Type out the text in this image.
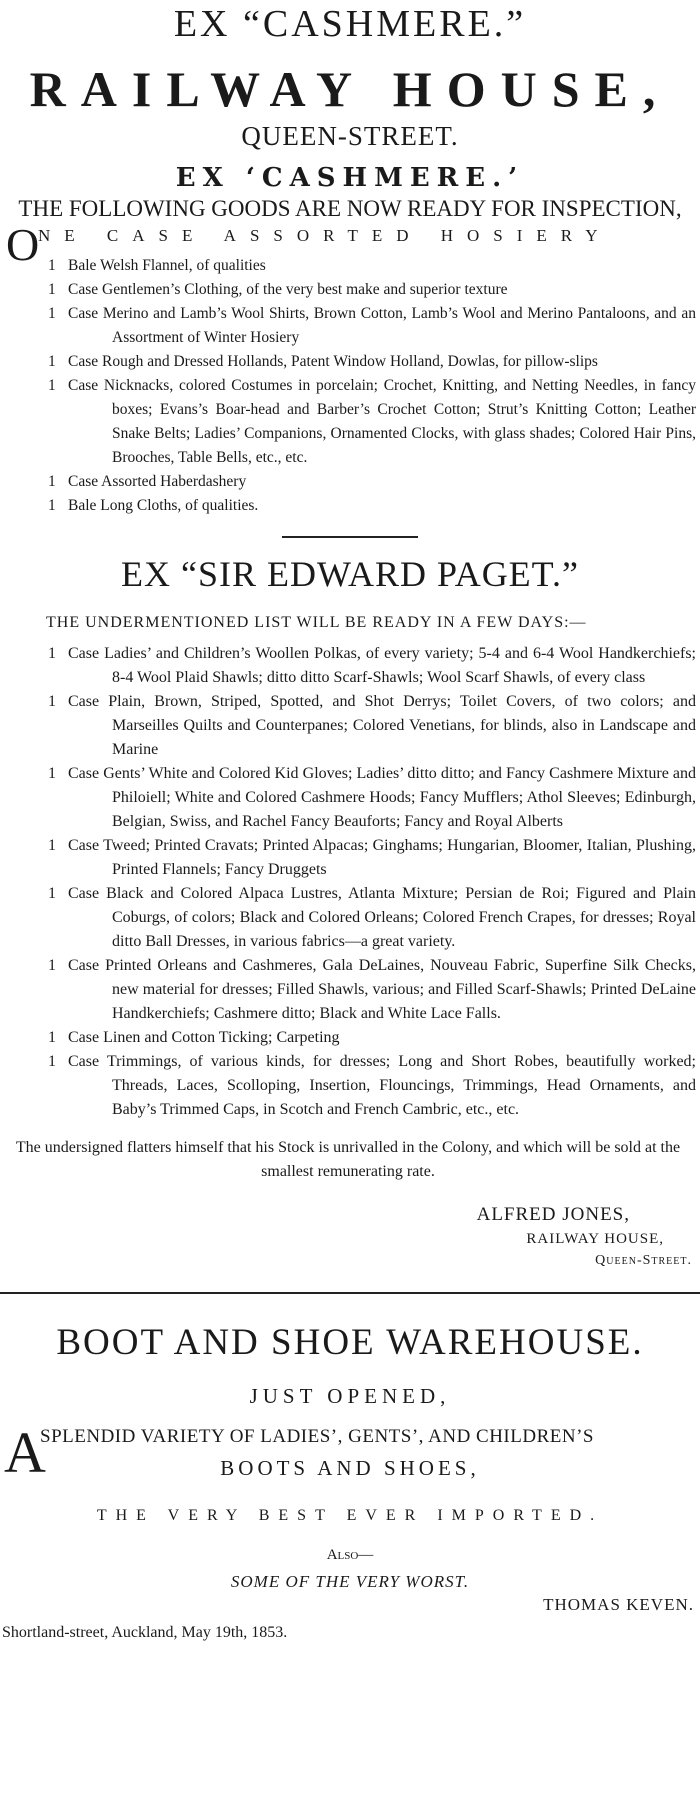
EX “CASHMERE.”
RAILWAY HOUSE,
QUEEN-STREET.
EX ‘CASHMERE.’
THE FOLLOWING GOODS ARE NOW READY FOR INSPECTION,
O
NE CASE ASSORTED HOSIERY
1 Bale Welsh Flannel, of qualities
1 Case Gentlemen’s Clothing, of the very best make and superior texture
1 Case Merino and Lamb’s Wool Shirts, Brown Cotton, Lamb’s Wool and Merino Pantaloons, and an Assortment of Winter Hosiery
1 Case Rough and Dressed Hollands, Patent Window Holland, Dowlas, for pillow-slips
1 Case Nicknacks, colored Costumes in porcelain; Crochet, Knitting, and Netting Needles, in fancy boxes; Evans’s Boar-head and Barber’s Crochet Cotton; Strut’s Knitting Cotton; Leather Snake Belts; Ladies’ Companions, Ornamented Clocks, with glass shades; Colored Hair Pins, Brooches, Table Bells, etc., etc.
1 Case Assorted Haberdashery
1 Bale Long Cloths, of qualities.
EX “SIR EDWARD PAGET.”
THE UNDERMENTIONED LIST WILL BE READY IN A FEW DAYS:—
1 Case Ladies’ and Children’s Woollen Polkas, of every variety; 5-4 and 6-4 Wool Handkerchiefs; 8-4 Wool Plaid Shawls; ditto ditto Scarf-Shawls; Wool Scarf Shawls, of every class
1 Case Plain, Brown, Striped, Spotted, and Shot Derrys; Toilet Covers, of two colors; and Marseilles Quilts and Counterpanes; Colored Venetians, for blinds, also in Landscape and Marine
1 Case Gents’ White and Colored Kid Gloves; Ladies’ ditto ditto; and Fancy Cashmere Mixture and Philoiell; White and Colored Cashmere Hoods; Fancy Mufflers; Athol Sleeves; Edinburgh, Belgian, Swiss, and Rachel Fancy Beauforts; Fancy and Royal Alberts
1 Case Tweed; Printed Cravats; Printed Alpacas; Ginghams; Hungarian, Bloomer, Italian, Plushing, Printed Flannels; Fancy Druggets
1 Case Black and Colored Alpaca Lustres, Atlanta Mixture; Persian de Roi; Figured and Plain Coburgs, of colors; Black and Colored Orleans; Colored French Crapes, for dresses; Royal ditto Ball Dresses, in various fabrics—a great variety.
1 Case Printed Orleans and Cashmeres, Gala DeLaines, Nouveau Fabric, Superfine Silk Checks, new material for dresses; Filled Shawls, various; and Filled Scarf-Shawls; Printed DeLaine Handkerchiefs; Cashmere ditto; Black and White Lace Falls.
1 Case Linen and Cotton Ticking; Carpeting
1 Case Trimmings, of various kinds, for dresses; Long and Short Robes, beautifully worked; Threads, Laces, Scolloping, Insertion, Flouncings, Trimmings, Head Ornaments, and Baby’s Trimmed Caps, in Scotch and French Cambric, etc., etc.
The undersigned flatters himself that his Stock is unrivalled in the Colony, and which will be sold at the smallest remunerating rate.
ALFRED JONES,
RAILWAY HOUSE,
Queen-Street.
BOOT AND SHOE WAREHOUSE.
JUST OPENED,
A
SPLENDID VARIETY OF LADIES’, GENTS’, AND CHILDREN’S
BOOTS AND SHOES,
THE VERY BEST EVER IMPORTED.
Also—
SOME OF THE VERY WORST.
THOMAS KEVEN.
Shortland-street, Auckland, May 19th, 1853.
